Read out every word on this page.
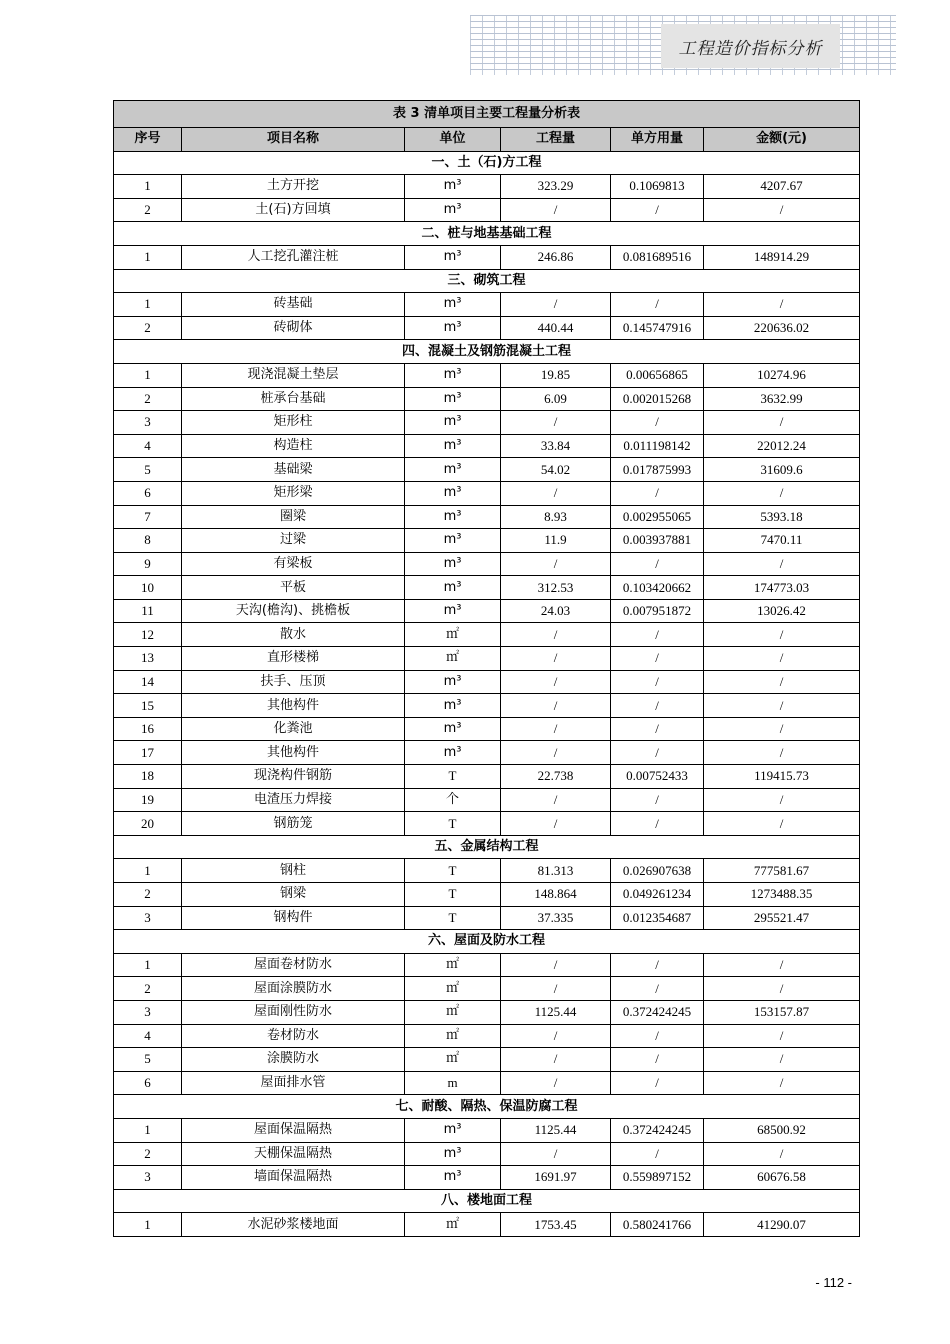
工程造价指标分析
表 3 清单项目主要工程量分析表					
序号	项目名称	单位	工程量	单方用量	金额(元)
一、土（石)方工程					
1	土方开挖	m³	323.29	0.1069813	4207.67
2	土(石)方回填	m³	/	/	/
二、桩与地基基础工程					
1	人工挖孔灌注桩	m³	246.86	0.081689516	148914.29
三、砌筑工程					
1	砖基础	m³	/	/	/
2	砖砌体	m³	440.44	0.145747916	220636.02
四、混凝土及钢筋混凝土工程					
1	现浇混凝土垫层	m³	19.85	0.00656865	10274.96
2	桩承台基础	m³	6.09	0.002015268	3632.99
3	矩形柱	m³	/	/	/
4	构造柱	m³	33.84	0.011198142	22012.24
5	基础梁	m³	54.02	0.017875993	31609.6
6	矩形梁	m³	/	/	/
7	圈梁	m³	8.93	0.002955065	5393.18
8	过梁	m³	11.9	0.003937881	7470.11
9	有梁板	m³	/	/	/
10	平板	m³	312.53	0.103420662	174773.03
11	天沟(檐沟)、挑檐板	m³	24.03	0.007951872	13026.42
12	散水	㎡	/	/	/
13	直形楼梯	㎡	/	/	/
14	扶手、压顶	m³	/	/	/
15	其他构件	m³	/	/	/
16	化粪池	m³	/	/	/
17	其他构件	m³	/	/	/
18	现浇构件钢筋	T	22.738	0.00752433	119415.73
19	电渣压力焊接	个	/	/	/
20	钢筋笼	T	/	/	/
五、金属结构工程					
1	钢柱	T	81.313	0.026907638	777581.67
2	钢梁	T	148.864	0.049261234	1273488.35
3	钢构件	T	37.335	0.012354687	295521.47
六、屋面及防水工程					
1	屋面卷材防水	㎡	/	/	/
2	屋面涂膜防水	㎡	/	/	/
3	屋面刚性防水	㎡	1125.44	0.372424245	153157.87
4	卷材防水	㎡	/	/	/
5	涂膜防水	㎡	/	/	/
6	屋面排水管	m	/	/	/
七、耐酸、隔热、保温防腐工程					
1	屋面保温隔热	m³	1125.44	0.372424245	68500.92
2	天棚保温隔热	m³	/	/	/
3	墙面保温隔热	m³	1691.97	0.559897152	60676.58
八、楼地面工程					
1	水泥砂浆楼地面	㎡	1753.45	0.580241766	41290.07
- 112 -
